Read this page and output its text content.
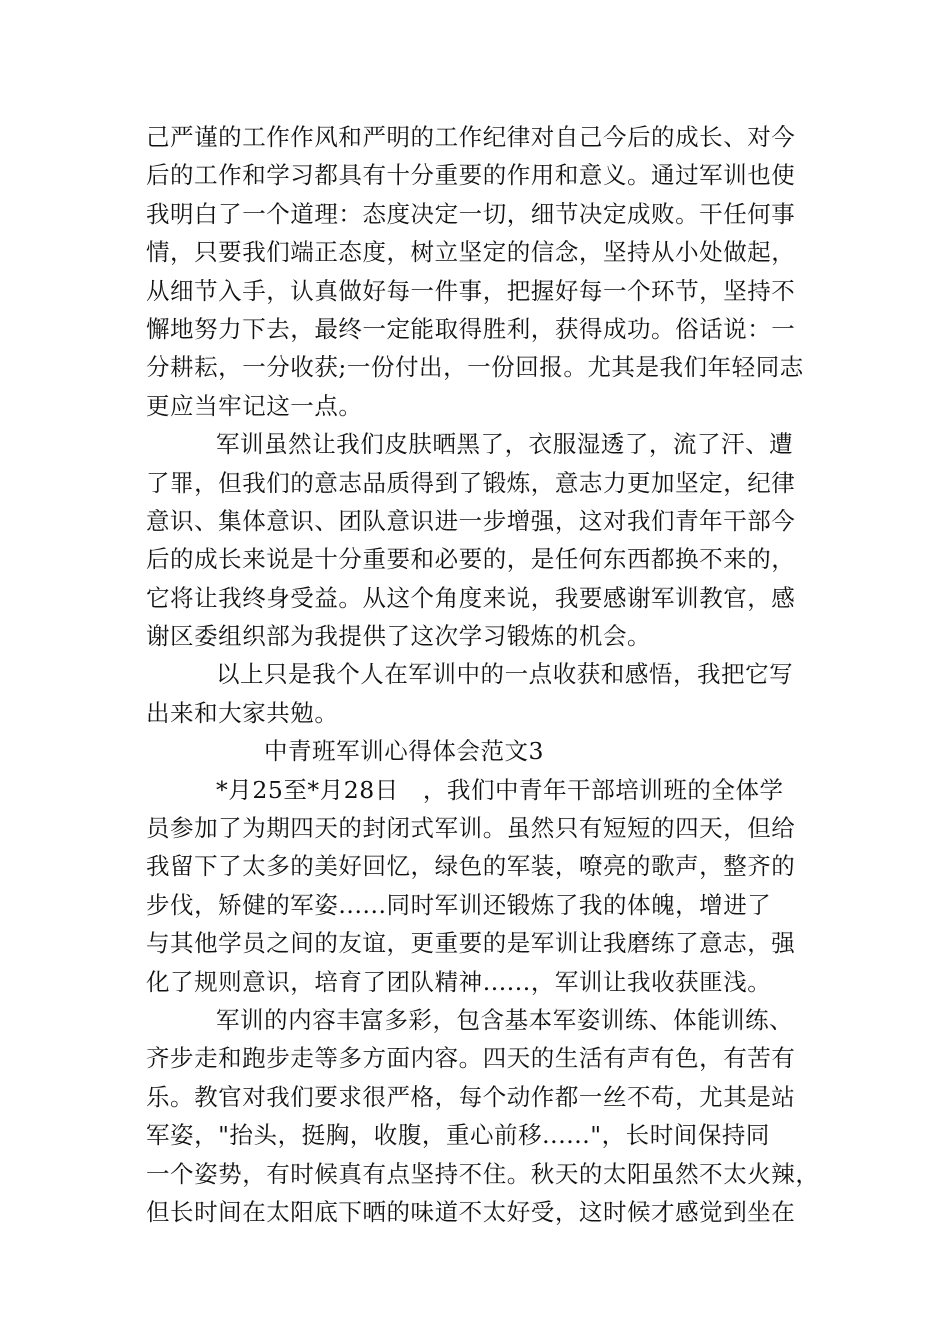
己严谨的工作作风和严明的工作纪律对自己今后的成长、对今
后的工作和学习都具有十分重要的作用和意义。通过军训也使
我明白了一个道理：态度决定一切，细节决定成败。干任何事
情，只要我们端正态度，树立坚定的信念，坚持从小处做起，
从细节入手，认真做好每一件事，把握好每一个环节，坚持不
懈地努力下去，最终一定能取得胜利，获得成功。俗话说：一
分耕耘，一分收获;一份付出，一份回报。尤其是我们年轻同志
更应当牢记这一点。
军训虽然让我们皮肤晒黑了，衣服湿透了，流了汗、遭
了罪，但我们的意志品质得到了锻炼，意志力更加坚定，纪律
意识、集体意识、团队意识进一步增强，这对我们青年干部今
后的成长来说是十分重要和必要的，是任何东西都换不来的，
它将让我终身受益。从这个角度来说，我要感谢军训教官，感
谢区委组织部为我提供了这次学习锻炼的机会。
以上只是我个人在军训中的一点收获和感悟，我把它写
出来和大家共勉。
中青班军训心得体会范文3
*月25至*月28日　，我们中青年干部培训班的全体学
员参加了为期四天的封闭式军训。虽然只有短短的四天，但给
我留下了太多的美好回忆，绿色的军装，嘹亮的歌声，整齐的
步伐，矫健的军姿......同时军训还锻炼了我的体魄，增进了
与其他学员之间的友谊，更重要的是军训让我磨练了意志，强
化了规则意识，培育了团队精神......，军训让我收获匪浅。
军训的内容丰富多彩，包含基本军姿训练、体能训练、
齐步走和跑步走等多方面内容。四天的生活有声有色，有苦有
乐。教官对我们要求很严格，每个动作都一丝不苟，尤其是站
军姿，"抬头，挺胸，收腹，重心前移......"，长时间保持同
一个姿势，有时候真有点坚持不住。秋天的太阳虽然不太火辣，
但长时间在太阳底下晒的味道不太好受，这时候才感觉到坐在
